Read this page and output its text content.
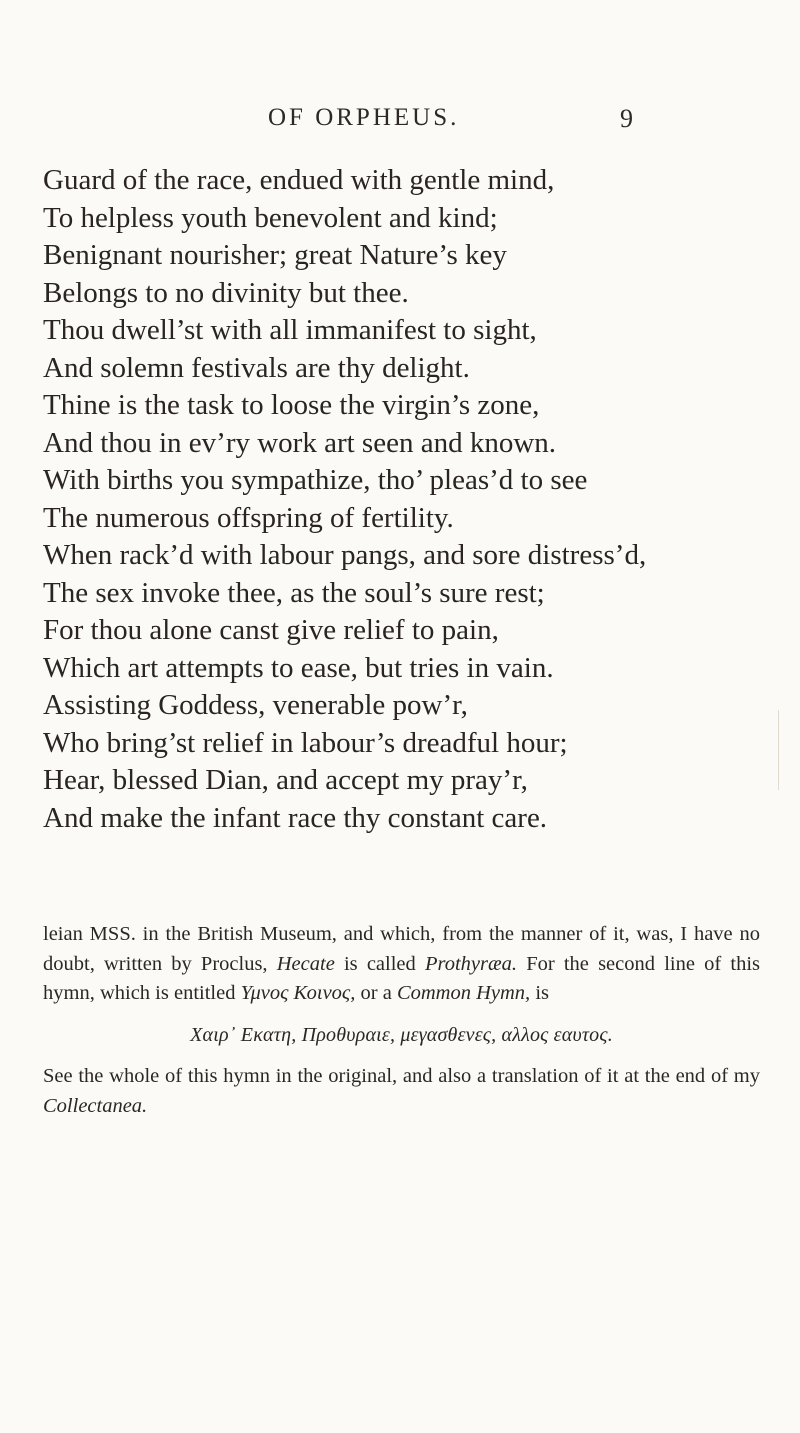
OF ORPHEUS.	9
Guard of the race, endued with gentle mind,
To helpless youth benevolent and kind;
Benignant nourisher; great Nature’s key
Belongs to no divinity but thee.
Thou dwell’st with all immanifest to sight,
And solemn festivals are thy delight.
Thine is the task to loose the virgin’s zone,
And thou in ev’ry work art seen and known.
With births you sympathize, tho’ pleas’d to see
The numerous offspring of fertility.
When rack’d with labour pangs, and sore distress’d,
The sex invoke thee, as the soul’s sure rest;
For thou alone canst give relief to pain,
Which art attempts to ease, but tries in vain.
Assisting Goddess, venerable pow’r,
Who bring’st relief in labour’s dreadful hour;
Hear, blessed Dian, and accept my pray’r,
And make the infant race thy constant care.

leian MSS. in the British Museum, and which, from the manner of it, was, I have no doubt, written by Proclus, Hecate is called Prothyræa. For the second line of this hymn, which is entitled Υμνος Κοινος, or a Common Hymn, is

Χαιρ᾽ Εκατη, Προθυραιε, μεγασθενες, αλλος εαυτος.

See the whole of this hymn in the original, and also a translation of it at the end of my Collectanea.
